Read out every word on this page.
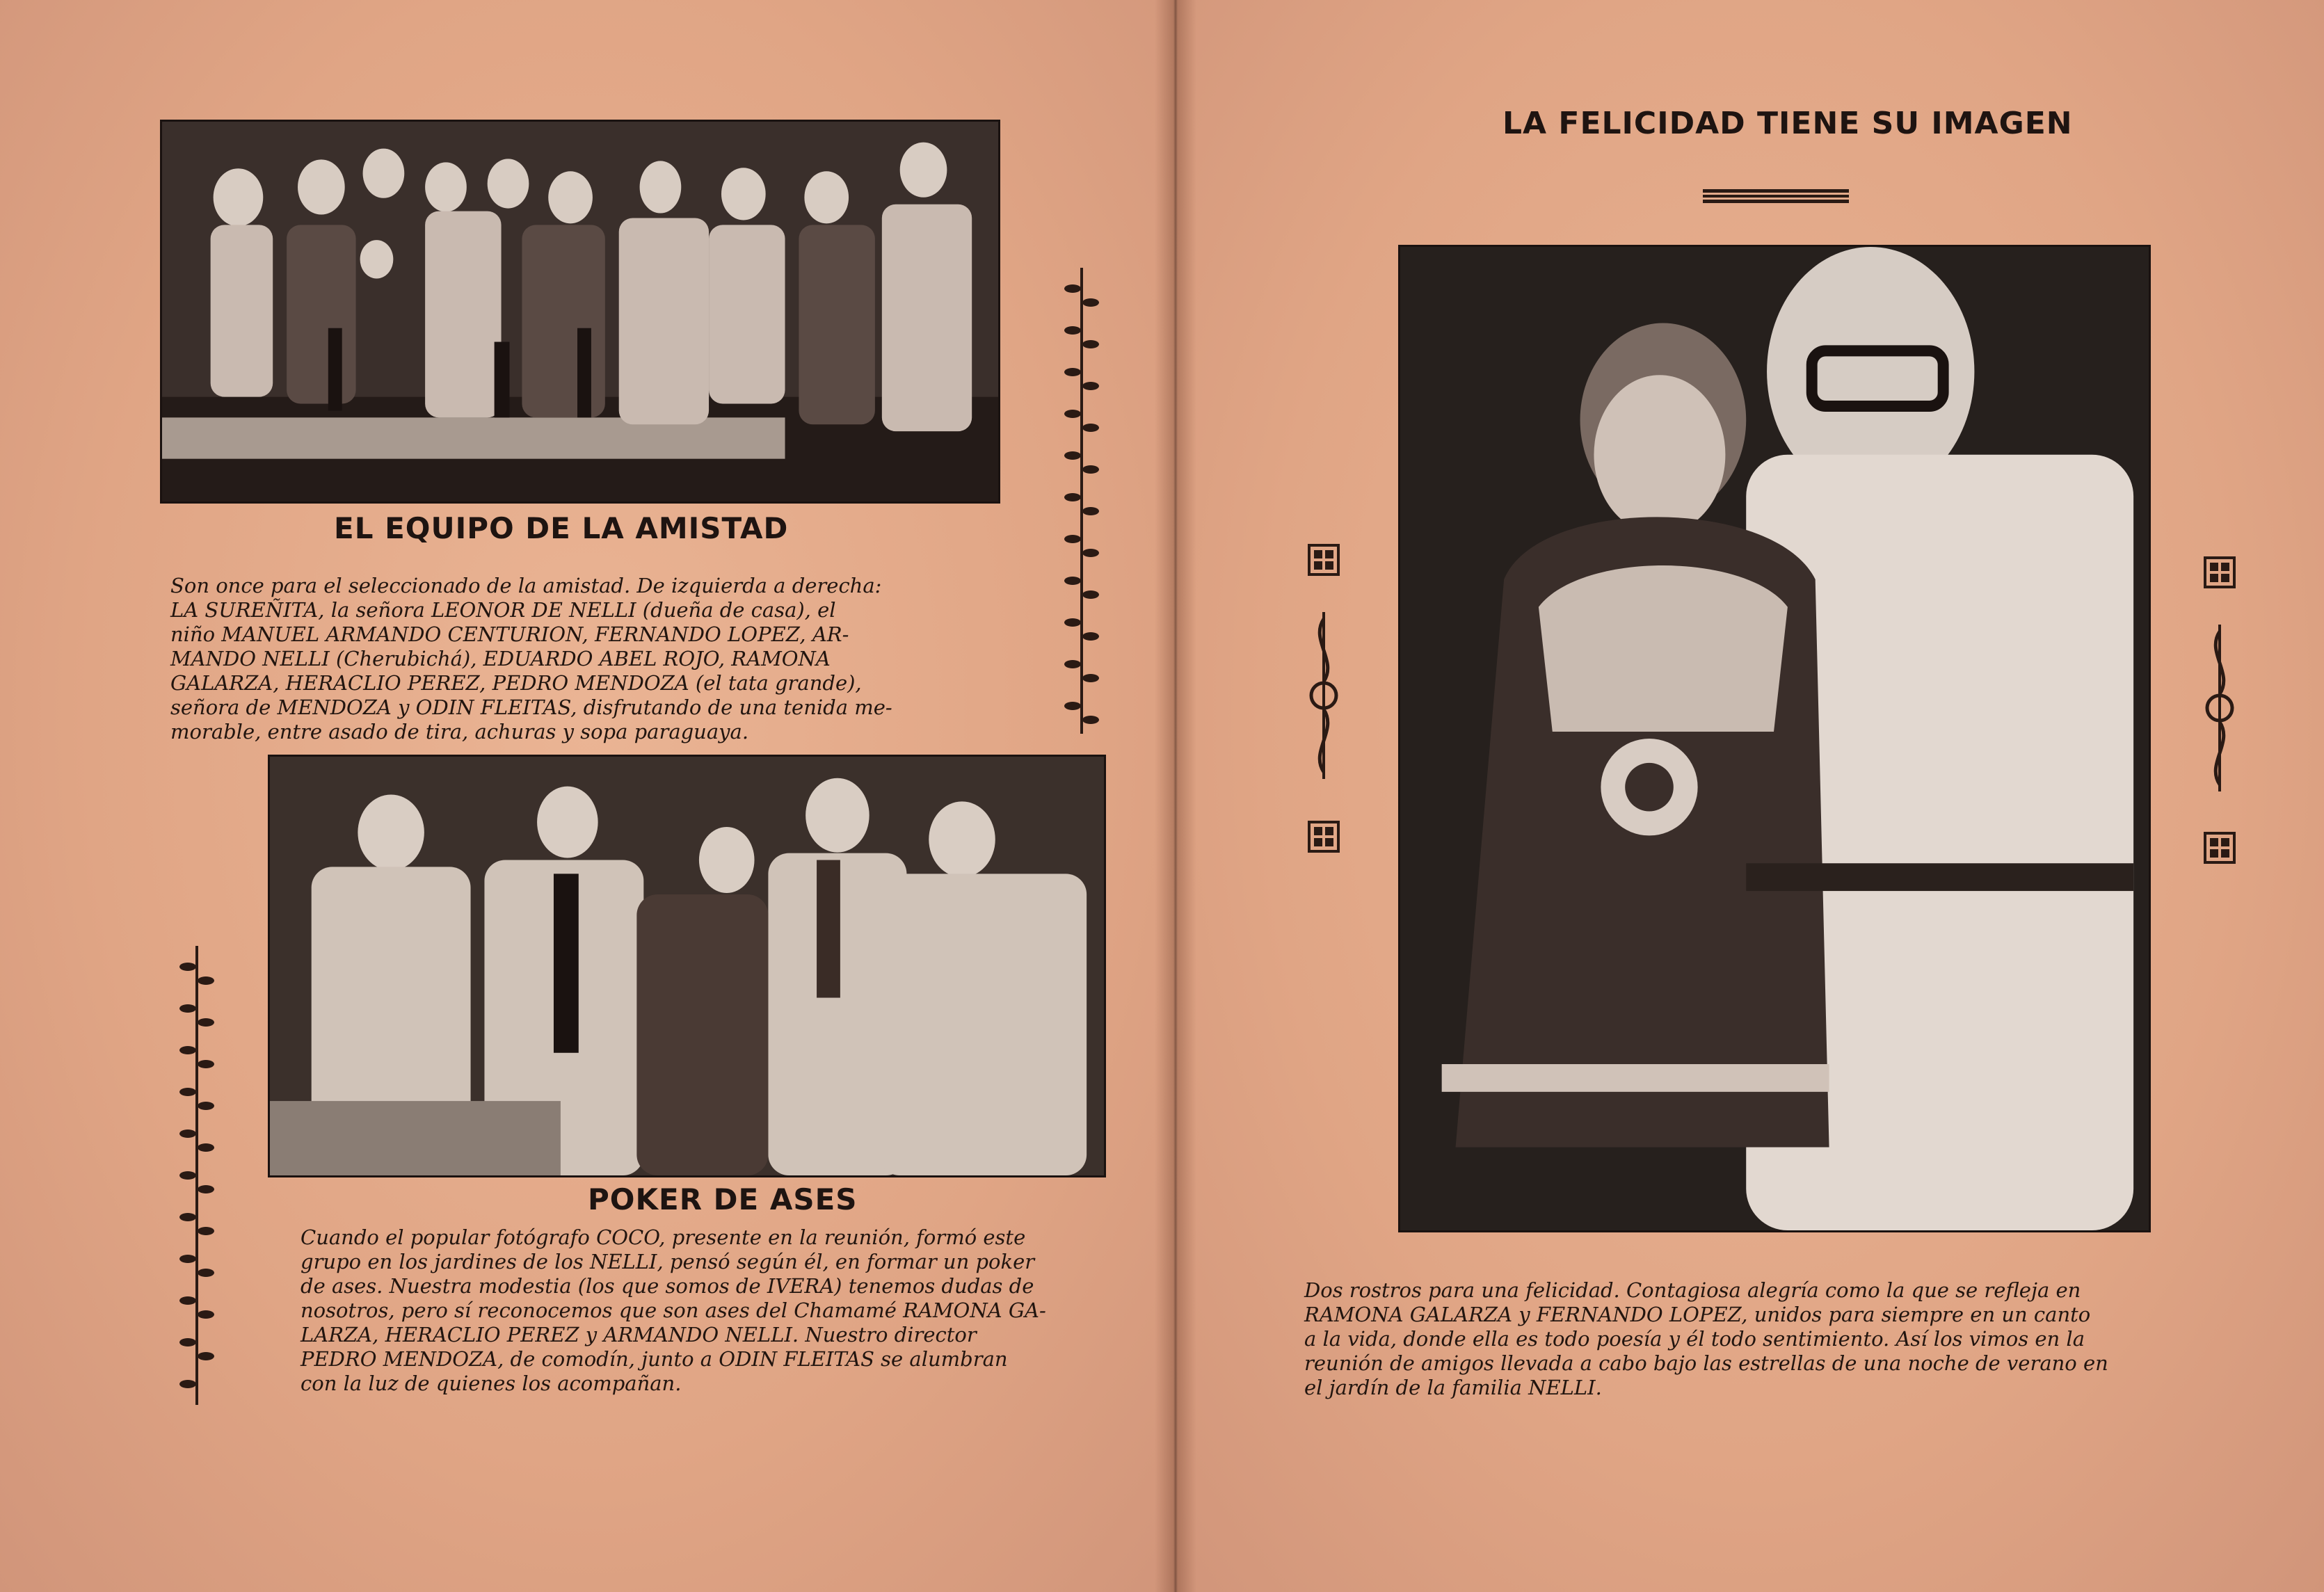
EL EQUIPO DE LA AMISTAD
Son once para el seleccionado de la amistad. De izquierda a derecha:
LA SUREÑITA, la señora LEONOR DE NELLI (dueña de casa), el
niño MANUEL ARMANDO CENTURION, FERNANDO LOPEZ, AR-
MANDO NELLI (Cherubichá), EDUARDO ABEL ROJO, RAMONA
GALARZA, HERACLIO PEREZ, PEDRO MENDOZA (el tata grande),
señora de MENDOZA y ODIN FLEITAS, disfrutando de una tenida me-
morable, entre asado de tira, achuras y sopa paraguaya.
POKER DE ASES
Cuando el popular fotógrafo COCO, presente en la reunión, formó este
grupo en los jardines de los NELLI, pensó según él, en formar un poker
de ases. Nuestra modestia (los que somos de IVERA) tenemos dudas de
nosotros, pero sí reconocemos que son ases del Chamamé RAMONA GA-
LARZA, HERACLIO PEREZ y ARMANDO NELLI. Nuestro director
PEDRO MENDOZA, de comodín, junto a ODIN FLEITAS se alumbran
con la luz de quienes los acompañan.
LA FELICIDAD TIENE SU IMAGEN
Dos rostros para una felicidad. Contagiosa alegría como la que se refleja en
RAMONA GALARZA y FERNANDO LOPEZ, unidos para siempre en un canto
a la vida, donde ella es todo poesía y él todo sentimiento. Así los vimos en la
reunión de amigos llevada a cabo bajo las estrellas de una noche de verano en
el jardín de la familia NELLI.
